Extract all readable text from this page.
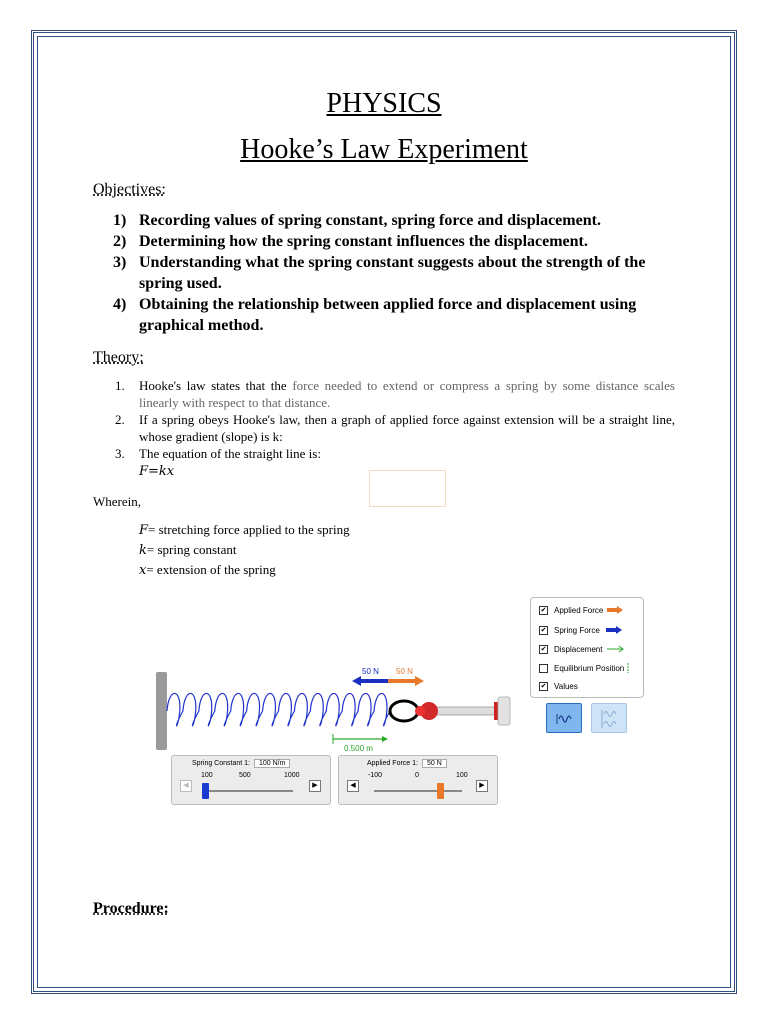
PHYSICS
Hooke’s Law Experiment
Objectives:
1) Recording values of spring constant, spring force and displacement.
2) Determining how the spring constant influences the displacement.
3) Understanding what the spring constant suggests about the strength of the spring used.
4) Obtaining the relationship between applied force and displacement using graphical method.
Theory:
1. Hooke's law states that the force needed to extend or compress a spring by some distance scales linearly with respect to that distance.
2. If a spring obeys Hooke's law, then a graph of applied force against extension will be a straight line, whose gradient (slope) is k:
3. The equation of the straight line is:
F=kx
Wherein,
F= stretching force applied to the spring
k= spring constant
x= extension of the spring
50 N 50 N
0.500 m
✔ Applied Force
✔ Spring Force
✔ Displacement
Equilibrium Position
✔ Values
Spring Constant 1:	100 N/m
100	500	1000
◀	▶
Applied Force 1:	50 N
-100	0	100
◀	▶
Procedure:
